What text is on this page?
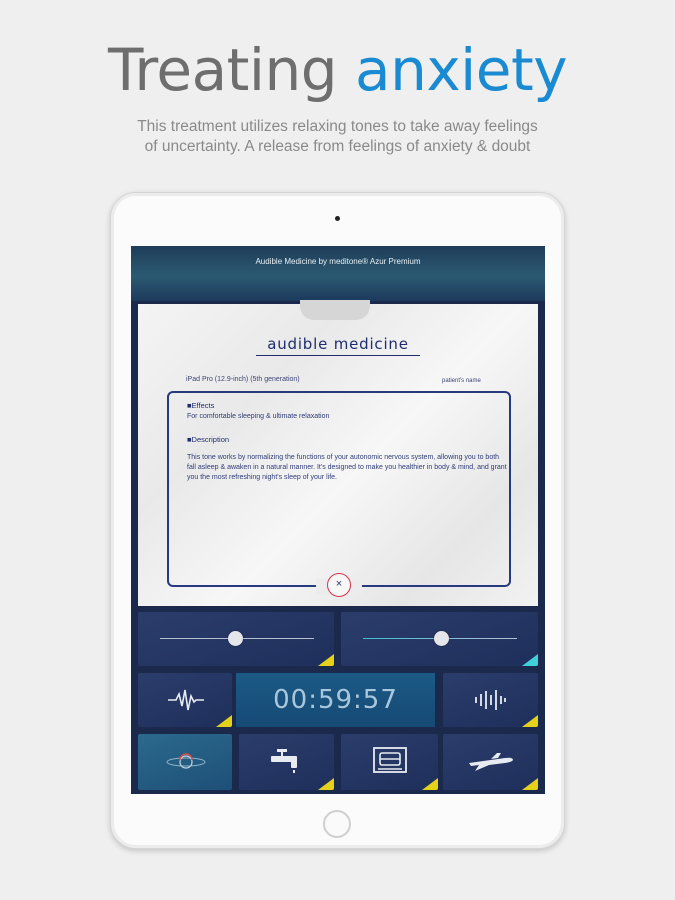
Treating anxiety
This treatment utilizes relaxing tones to take away feelings
of uncertainty. A release from feelings of anxiety & doubt
Audible Medicine by meditone® Azur Premium
audible medicine
iPad Pro (12.9-inch) (5th generation)	patient's name
■Effects
For comfortable sleeping & ultimate relaxation
■Description
This tone works by normalizing the functions of your autonomic nervous system, allowing you to both fall asleep & awaken in a natural manner. It's designed to make you healthier in body & mind, and grant you the most refreshing night's sleep of your life.
×
00:59:57
